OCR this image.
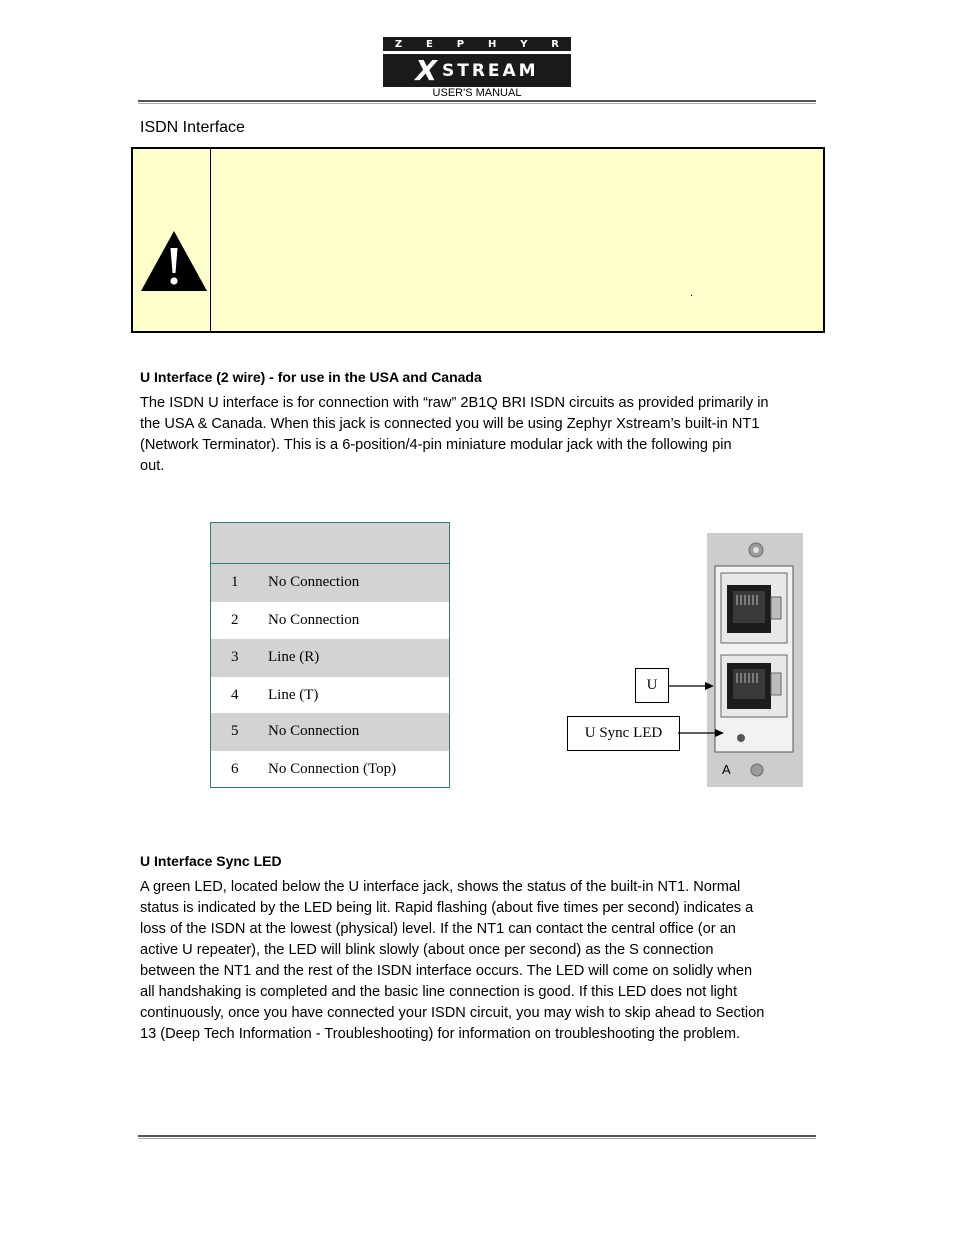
Z E P H Y R
X STREAM
USER'S MANUAL
ISDN Interface
.
U Interface (2 wire) - for use in the USA and Canada
The ISDN U interface is for connection with “raw” 2B1Q BRI ISDN circuits as provided primarily in
the USA & Canada. When this jack is connected you will be using Zephyr Xstream’s built-in NT1
(Network Terminator). This is a 6-position/4-pin miniature modular jack with the following pin
out.
1 No Connection
2 No Connection
3 Line (R)
4 Line (T)
5 No Connection
6 No Connection (Top)	A
U
U Sync LED
U Interface Sync LED
A green LED, located below the U interface jack, shows the status of the built-in NT1. Normal
status is indicated by the LED being lit. Rapid flashing (about five times per second) indicates a
loss of the ISDN at the lowest (physical) level. If the NT1 can contact the central office (or an
active U repeater), the LED will blink slowly (about once per second) as the S connection
between the NT1 and the rest of the ISDN interface occurs. The LED will come on solidly when
all handshaking is completed and the basic line connection is good. If this LED does not light
continuously, once you have connected your ISDN circuit, you may wish to skip ahead to Section
13 (Deep Tech Information - Troubleshooting) for information on troubleshooting the problem.
